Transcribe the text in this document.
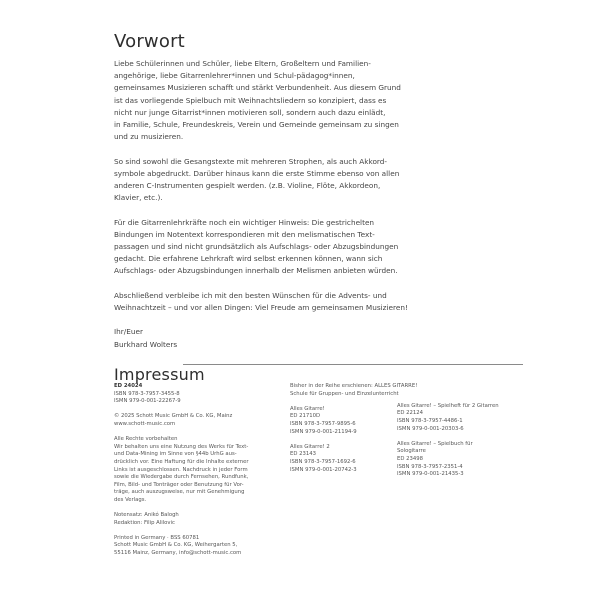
Vorwort

Liebe Schülerinnen und Schüler, liebe Eltern, Großeltern und Familien-
angehörige, liebe Gitarrenlehrer*innen und Schul-pädagog*innen,
gemeinsames Musizieren schafft und stärkt Verbundenheit. Aus diesem Grund
ist das vorliegende Spielbuch mit Weihnachtsliedern so konzipiert, dass es
nicht nur junge Gitarrist*innen motivieren soll, sondern auch dazu einlädt,
in Familie, Schule, Freundeskreis, Verein und Gemeinde gemeinsam zu singen
und zu musizieren.

So sind sowohl die Gesangstexte mit mehreren Strophen, als auch Akkord-
symbole abgedruckt. Darüber hinaus kann die erste Stimme ebenso von allen
anderen C-Instrumenten gespielt werden. (z.B. Violine, Flöte, Akkordeon,
Klavier, etc.).

Für die Gitarrenlehrkräfte noch ein wichtiger Hinweis: Die gestrichelten
Bindungen im Notentext korrespondieren mit den melismatischen Text-
passagen und sind nicht grundsätzlich als Aufschlags- oder Abzugsbindungen
gedacht. Die erfahrene Lehrkraft wird selbst erkennen können, wann sich
Aufschlags- oder Abzugsbindungen innerhalb der Melismen anbieten würden.

Abschließend verbleibe ich mit den besten Wünschen für die Advents- und
Weihnachtzeit – und vor allen Dingen: Viel Freude am gemeinsamen Musizieren!

Ihr/Euer
Burkhard Wolters

Impressum
ED 24024
ISBN 978-3-7957-3455-8
ISMN 979-0-001-22267-9
© 2025 Schott Music GmbH & Co. KG, Mainz
www.schott-music.com
Alle Rechte vorbehalten
Wir behalten uns eine Nutzung des Werks für Text-
und Data-Mining im Sinne von §44b UrhG aus-
drücklich vor. Eine Haftung für die Inhalte externer
Links ist ausgeschlossen. Nachdruck in jeder Form
sowie die Wiedergabe durch Fernsehen, Rundfunk,
Film, Bild- und Tonträger oder Benutzung für Vor-
träge, auch auszugsweise, nur mit Genehmigung
des Verlags.
Notensatz: Anikó Balogh
Redaktion: Filip Alilovic
Printed in Germany · BSS 60781
Schott Music GmbH & Co. KG, Weihergarten 5,
55116 Mainz, Germany, info@schott-music.com
Bisher in der Reihe erschienen: ALLES GITARRE!
Schule für Gruppen- und Einzelunterricht
Alles Gitarre!
ED 21710D
ISBN 978-3-7957-9895-6
ISMN 979-0-001-21194-9
Alles Gitarre! – Spielheft für 2 Gitarren
ED 22124
ISBN 978-3-7957-4486-1
ISMN 979-0-001-20303-6
Alles Gitarre! 2
ED 23143
ISBN 978-3-7957-1692-6
ISMN 979-0-001-20742-3
Alles Gitarre! – Spielbuch für
Sologitarre
ED 23498
ISBN 978-3-7957-2351-4
ISMN 979-0-001-21435-3
